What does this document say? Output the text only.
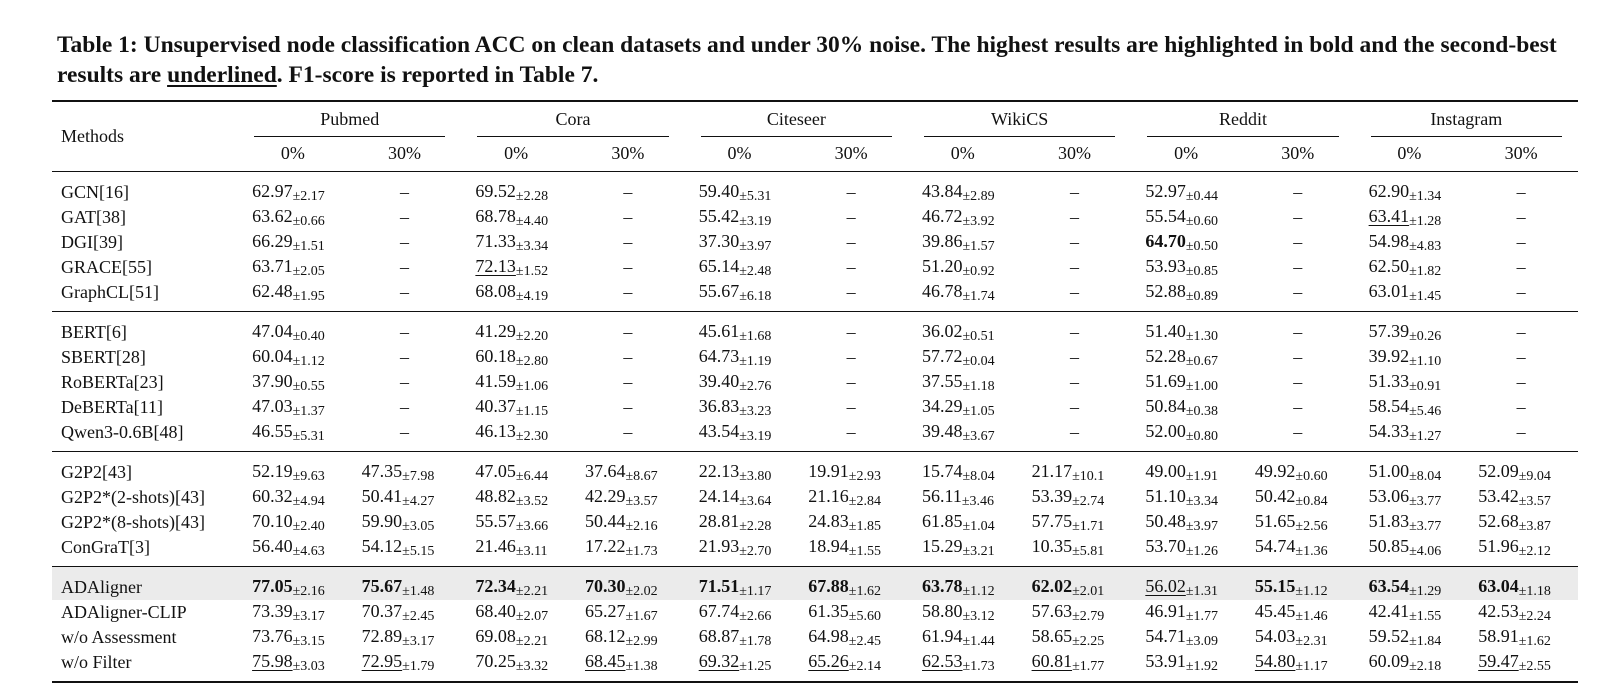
Table 1: Unsupervised node classification ACC on clean datasets and under 30% noise. The highest results are highlighted in bold and the second-best results are underlined. F1-score is reported in Table 7.
Methods	Pubmed		Cora		Citeseer		WikiCS		Reddit		Instagram	

	0%	30%	0%	30%	0%	30%	0%	30%	0%	30%	0%	30%
GCN[16]	62.97±2.17	–	69.52±2.28	–	59.40±5.31	–	43.84±2.89	–	52.97±0.44	–	62.90±1.34	–
GAT[38]	63.62±0.66	–	68.78±4.40	–	55.42±3.19	–	46.72±3.92	–	55.54±0.60	–	63.41±1.28	–
DGI[39]	66.29±1.51	–	71.33±3.34	–	37.30±3.97	–	39.86±1.57	–	64.70±0.50	–	54.98±4.83	–
GRACE[55]	63.71±2.05	–	72.13±1.52	–	65.14±2.48	–	51.20±0.92	–	53.93±0.85	–	62.50±1.82	–
GraphCL[51]	62.48±1.95	–	68.08±4.19	–	55.67±6.18	–	46.78±1.74	–	52.88±0.89	–	63.01±1.45	–
BERT[6]	47.04±0.40	–	41.29±2.20	–	45.61±1.68	–	36.02±0.51	–	51.40±1.30	–	57.39±0.26	–
SBERT[28]	60.04±1.12	–	60.18±2.80	–	64.73±1.19	–	57.72±0.04	–	52.28±0.67	–	39.92±1.10	–
RoBERTa[23]	37.90±0.55	–	41.59±1.06	–	39.40±2.76	–	37.55±1.18	–	51.69±1.00	–	51.33±0.91	–
DeBERTa[11]	47.03±1.37	–	40.37±1.15	–	36.83±3.23	–	34.29±1.05	–	50.84±0.38	–	58.54±5.46	–
Qwen3-0.6B[48]	46.55±5.31	–	46.13±2.30	–	43.54±3.19	–	39.48±3.67	–	52.00±0.80	–	54.33±1.27	–
G2P2[43]	52.19±9.63	47.35±7.98	47.05±6.44	37.64±8.67	22.13±3.80	19.91±2.93	15.74±8.04	21.17±10.1	49.00±1.91	49.92±0.60	51.00±8.04	52.09±9.04
G2P2*(2-shots)[43]	60.32±4.94	50.41±4.27	48.82±3.52	42.29±3.57	24.14±3.64	21.16±2.84	56.11±3.46	53.39±2.74	51.10±3.34	50.42±0.84	53.06±3.77	53.42±3.57
G2P2*(8-shots)[43]	70.10±2.40	59.90±3.05	55.57±3.66	50.44±2.16	28.81±2.28	24.83±1.85	61.85±1.04	57.75±1.71	50.48±3.97	51.65±2.56	51.83±3.77	52.68±3.87
ConGraT[3]	56.40±4.63	54.12±5.15	21.46±3.11	17.22±1.73	21.93±2.70	18.94±1.55	15.29±3.21	10.35±5.81	53.70±1.26	54.74±1.36	50.85±4.06	51.96±2.12
ADAligner	77.05±2.16	75.67±1.48	72.34±2.21	70.30±2.02	71.51±1.17	67.88±1.62	63.78±1.12	62.02±2.01	56.02±1.31	55.15±1.12	63.54±1.29	63.04±1.18
ADAligner-CLIP	73.39±3.17	70.37±2.45	68.40±2.07	65.27±1.67	67.74±2.66	61.35±5.60	58.80±3.12	57.63±2.79	46.91±1.77	45.45±1.46	42.41±1.55	42.53±2.24
w/o Assessment	73.76±3.15	72.89±3.17	69.08±2.21	68.12±2.99	68.87±1.78	64.98±2.45	61.94±1.44	58.65±2.25	54.71±3.09	54.03±2.31	59.52±1.84	58.91±1.62
w/o Filter	75.98±3.03	72.95±1.79	70.25±3.32	68.45±1.38	69.32±1.25	65.26±2.14	62.53±1.73	60.81±1.77	53.91±1.92	54.80±1.17	60.09±2.18	59.47±2.55
